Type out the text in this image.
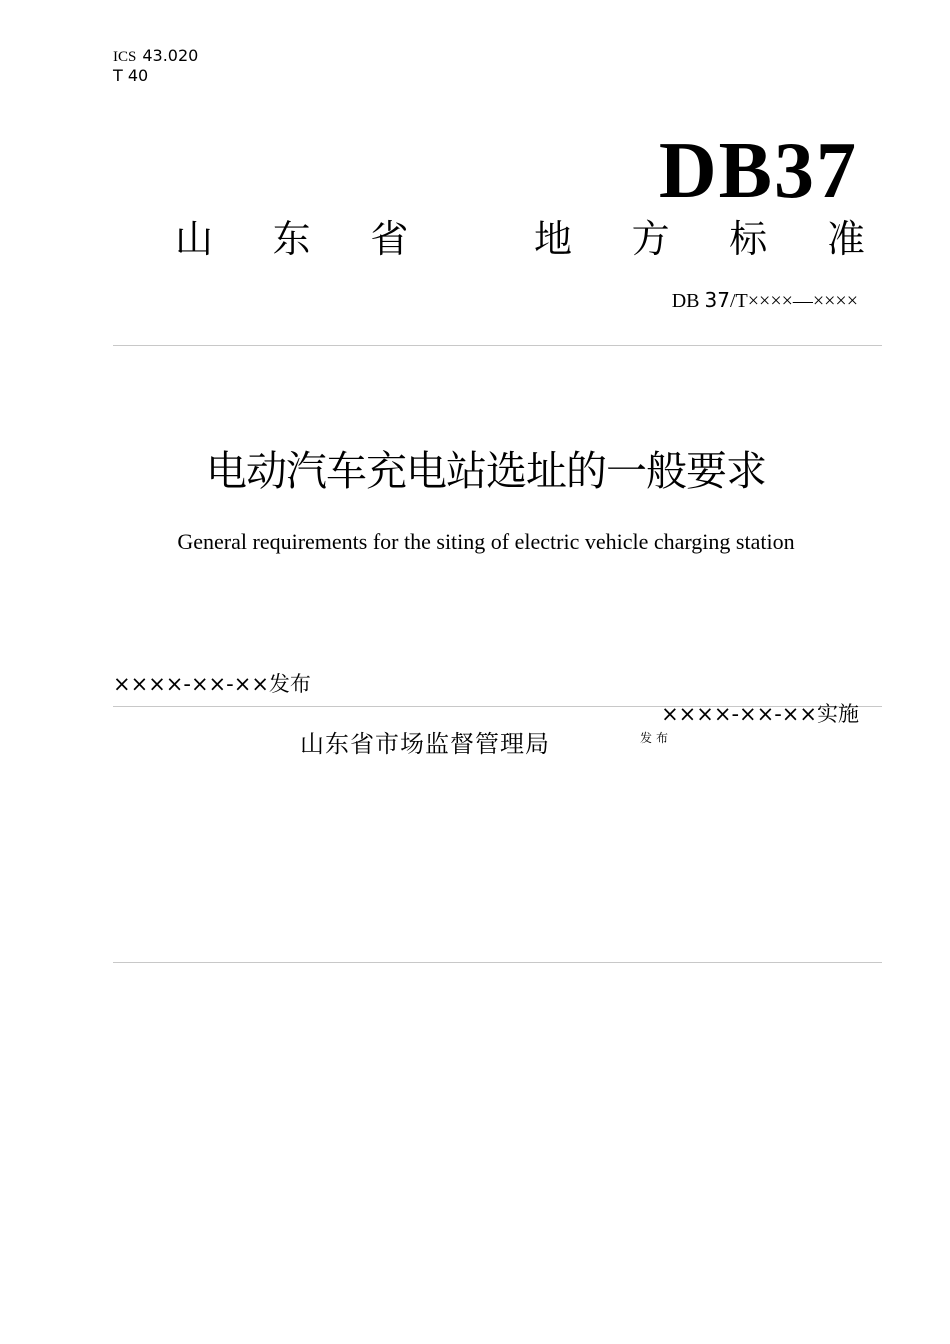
ICS 43.020
T 40
DB37
山 东 省	地 方 标 准
DB 37/T××××—××××
电动汽车充电站选址的一般要求
General requirements for the siting of electric vehicle charging station
××××-××-××发布
××××-××-××实施
山东省市场监督管理局	发布
